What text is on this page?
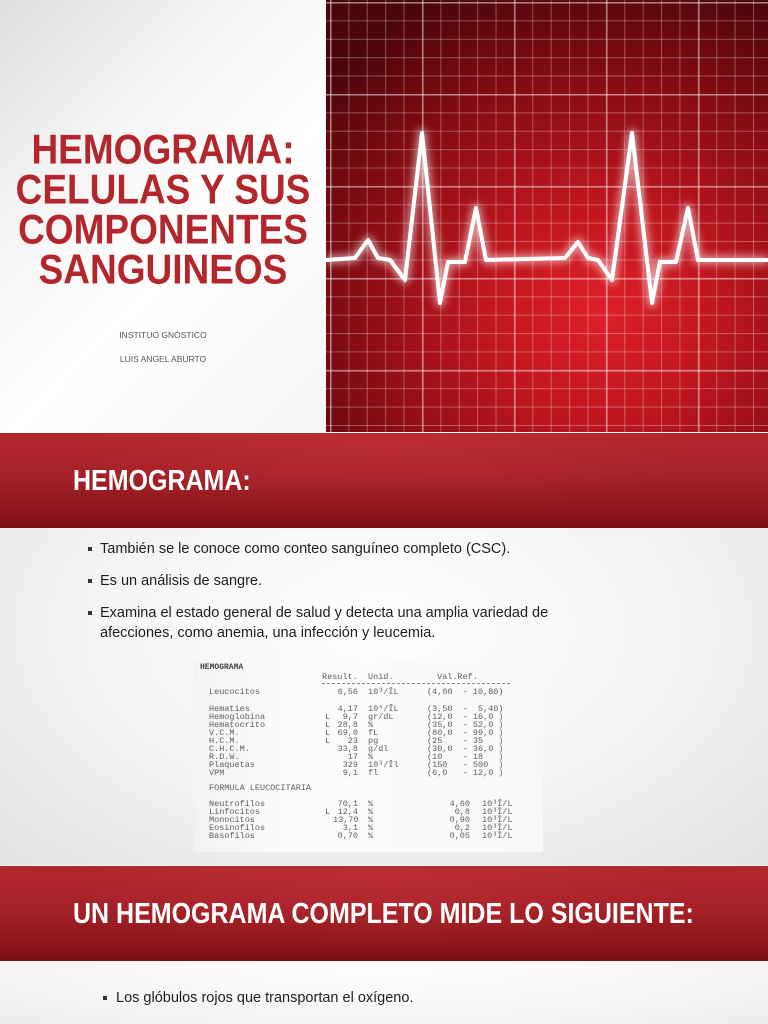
HEMOGRAMA:
CELULAS Y SUS
COMPONENTES
SANGUINEOS
INSTITUO GNÓSTICO
LUIS ANGEL ABURTO
HEMOGRAMA:
También se le conoce como conteo sanguíneo completo (CSC).
Es un análisis de sangre.
Examina el estado general de salud y detecta una amplia variedad de afecciones, como anemia, una infección y leucemia.
HEMOGRAMA
Result. Unid.	Val.Ref.
Leucocitos	6,56 10³/ÎL	(4,00  - 10,80)
Hematies	4,17 10⁶/ÎL	(3,50  -  5,40)
Hemoglobina	L	9,7 gr/dL	(12,0  - 16,0 )
Hematocrito	L 28,8 %	(35,0  - 52,0 )
V.C.M.	L 69,0 fL	(80,0  - 99,0 )
H.C.M.	L	23 pg	(25    - 35   )
C.H.C.M.	33,8 g/dl	(30,0  - 36,0 )
R.D.W.	17 %	(10    - 18   )
Plaquetas	329 10³/Îl	(150   - 500  )
VPM	9,1 fl	(6,0   - 12,0 )
FORMULA LEUCOCITARIA
Neutrofilos	70,1 %	4,60 10³Î/L
Linfocitos	L 12,4 %	0,8 10³Î/L
Monocitos	13,70 %	0,90 10³Î/L
Eosinofilos	3,1 %	0,2 10³Î/L
Basofilos	0,70 %	0,05 10³Î/L
UN HEMOGRAMA COMPLETO MIDE LO SIGUIENTE:
Los glóbulos rojos que transportan el oxígeno.
